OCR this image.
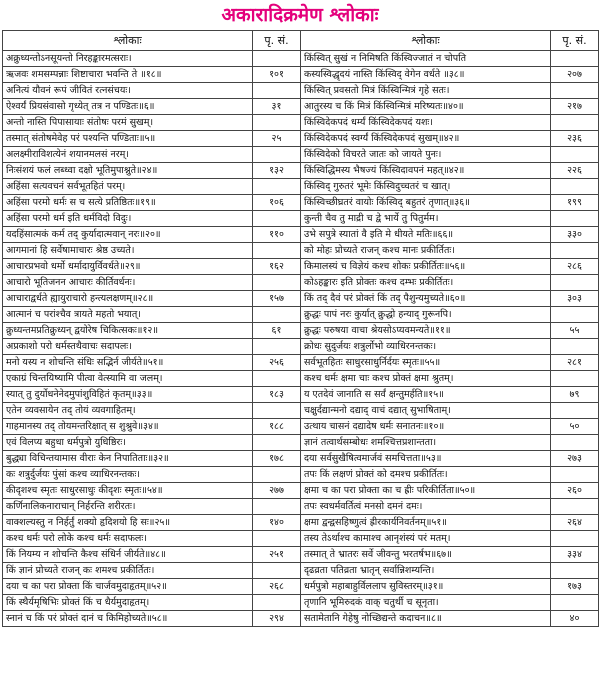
अकारादिक्रमेण श्लोकाः
श्लोकाः	पृ. सं.	श्लोकाः	पृ. सं.
अक्रुध्यन्तोऽनसूयन्तो निरहङ्कारमत्सराः।		किंस्वित् सुखं न निमिषति किंस्विज्जातं न चोपति	
ऋजवः शमसम्पन्नाः शिष्टाचारा भवन्ति ते ॥१८॥	१०१	कस्यस्विद्धृदयं नास्ति किंस्विद् वेगेन वर्धते ॥३८॥	२०७
अनित्यं यौवनं रूपं जीवितं रत्नसंचयः।		किंस्वित् प्रवसतो मित्रं किंस्विन्मित्रं गृहे सतः।	
ऐश्वर्यं प्रियसंवासो गृध्येत् तत्र न पण्डितः॥६॥	३१	आतुरस्य च किं मित्रं किंस्विन्मित्रं मरिष्यतः॥४०॥	२१७
अन्तो नास्ति पिपासायाः संतोषः परमं सुखम्।		किंस्विदेकपदं धर्म्यं किंस्विदेकपदं यशः।	
तस्मात् संतोषमेवेह परं पश्यन्ति पण्डिताः॥५॥	२५	किंस्विदेकपदं स्वर्ग्यं किंस्विदेकपदं सुखम्॥४२॥	२३६
अलक्ष्मीराविशत्येनं शयानमलसं नरम्।		किंस्विदेको विचरते जातः को जायते पुनः।	
निःसंशयं फलं लब्ध्वा दक्षो भूतिमुपाश्नुते॥२४॥	१३२	किंस्विद्धिमस्य भैषज्यं किंस्विदावपनं महत्॥४२॥	२२६
अहिंसा सत्यवचनं सर्वभूतहितं परम्।		किंस्विद् गुरुतरं भूमेः किंस्विदुच्चतरं च खात्।	
अहिंसा परमो धर्मः स च सत्ये प्रतिष्ठितः॥१९॥	१०६	किंस्विच्छीघ्रतरं वायोः किंस्विद् बहुतरं तृणात्॥३६॥	१९९
अहिंसा परमो धर्म इति धर्मविदो विदुः।		कुन्ती चैव तु माद्री च द्वे भार्ये तु पितुर्मम।	
यदहिंसात्मकं कर्म तद् कुर्यादात्मवान् नरः॥२०॥	११०	उभे सपुत्रे स्यातां वै इति मे धीयते मतिः॥६६॥	३३०
आगमानां हि सर्वेषामाचारः श्रेष्ठ उच्यते।		को मोहः प्रोच्यते राजन् कश्च मानः प्रकीर्तितः।	
आचारप्रभवो धर्मो धर्मादायुर्विवर्धते॥२९॥	१६२	किमालस्यं च विज्ञेयं कश्च शोकः प्रकीर्तितः॥५६॥	२८६
आचारो भूतिजनन आचारः कीर्तिवर्धनः।		कोऽहङ्कारः इति प्रोक्तः कश्च दम्भः प्रकीर्तितः।	
आचाराद्वर्धते ह्यायुराचारो हन्त्यलक्षणम्॥२८॥	१५७	किं तद् दैवं परं प्रोक्तं किं तद् पैशुन्यमुच्यते॥६०॥	३०३
आत्मानं च परांश्चैव त्रायते महतो भयात्।		क्रुद्धः पापं नरः कुर्यात् क्रुद्धो हन्याद् गुरूनपि।	
क्रुध्यन्तमप्रतिक्रुध्यन् द्वयोरेष चिकित्सकः॥१२॥	६१	क्रुद्धः परुषया वाचा श्रेयसोऽप्यवमन्यते॥११॥	५५
अप्रकाशो परो धर्मस्तथैवाचः सदापलः।		क्रोधः सुदुर्जयः शत्रुर्लोभो व्याधिरनन्तकः।	
मनो यस्य न शोचन्ति संधिः सद्भिर्न जीर्यते॥५१॥	२५६	सर्वभूतहितः साधुरसाधुर्निर्दयः स्मृतः॥५५॥	२८१
एकाग्रं चिन्तयिष्यामि पीत्वा वेत्स्यामि वा जलम्।		कश्च धर्मः क्षमा चाः कश्च प्रोक्तं क्षमा श्रुतम्।	
स्यात् तु दुर्योधनेनेदमुपांशुविहितं कृतम्॥३३॥	१८३	य एतदेवं जानाति स सर्वं क्षन्तुमर्हति॥१५॥	७९
एतेन व्यवसायेन तद् तोयं व्यवगाहितम्।		चक्षुर्दद्यान्मनो दद्याद् वाचं दद्यात् सुभाषिताम्।	
गाहमानस्य तद् तोयमन्तरिक्षात् स शुश्रुवे॥३४॥	१८८	उत्थाय चासनं दद्यादेष धर्मः सनातनः॥१०॥	५०
एवं विलप्य बहुधा धर्मपुत्रो युधिष्ठिरः।		ज्ञानं तत्वार्थसम्बोधः शमश्चित्तप्रशान्तता।	
बुद्ध्या विचिन्तयामास वीराः केन निपातिताः॥३२॥	१७८	दया सर्वसुखैषित्वमार्जवं समचित्तता॥५३॥	२७३
कः शत्रुर्दुर्जयः पुंसां कश्च व्याधिरनन्तकः।		तपः किं लक्षणं प्रोक्तं को दमश्च प्रकीर्तितः।	
कीदृशश्च स्मृतः साधुरसाधुः कीदृशः स्मृतः॥५४॥	२७७	क्षमा च का परा प्रोक्ता का च ह्रीः परिकीर्तिता॥५०॥	२६०
कर्णिनालिकनाराचान् निर्हरन्ति शरीरतः।		तपः स्वधर्मवर्तित्वं मनसो दमनं दमः।	
वाक्शल्यस्तु न निर्हर्तुं शक्यो हृदिशयो हि सः॥२५॥	१४०	क्षमा द्वन्द्वसहिष्णुत्वं ह्रीरकार्यनिवर्तनम्॥५१॥	२६४
कश्च धर्मः परो लोके कश्च धर्मः सदाफलः।		तस्य तेऽर्थाश्च कामाश्च आनृशंस्यं परं मतम्।	
किं नियम्य न शोचन्ति कैश्च संधिर्न जीर्यते॥४८॥	२५१	तस्मात् ते भ्रातरः सर्वे जीवन्तु भरतर्षभ॥६७॥	३३४
किं ज्ञानं प्रोच्यते राजन् कः शमश्च प्रकीर्तितः।		दृढव्रता पतिव्रता भ्रातृन् सर्वान्निशम्यन्ति।	
दया च का परा प्रोक्ता किं चार्जवमुदाहृतम्॥५२॥	२६८	धर्मपुत्रो महाबाहुर्विललाप सुविस्तरम्॥३१॥	१७३
किं स्थैर्यमृषिभिः प्रोक्तं किं च धैर्यमुदाहृतम्।		तृणानि भूमिरुदकं वाक् चतुर्थी च सूनृता।	
स्नानं च किं परं प्रोक्तं दानं च किमिहोच्यते॥५८॥	२९४	सतामेतानि गेहेषु नोच्छिद्यन्ते कदाचन॥८॥	४०
